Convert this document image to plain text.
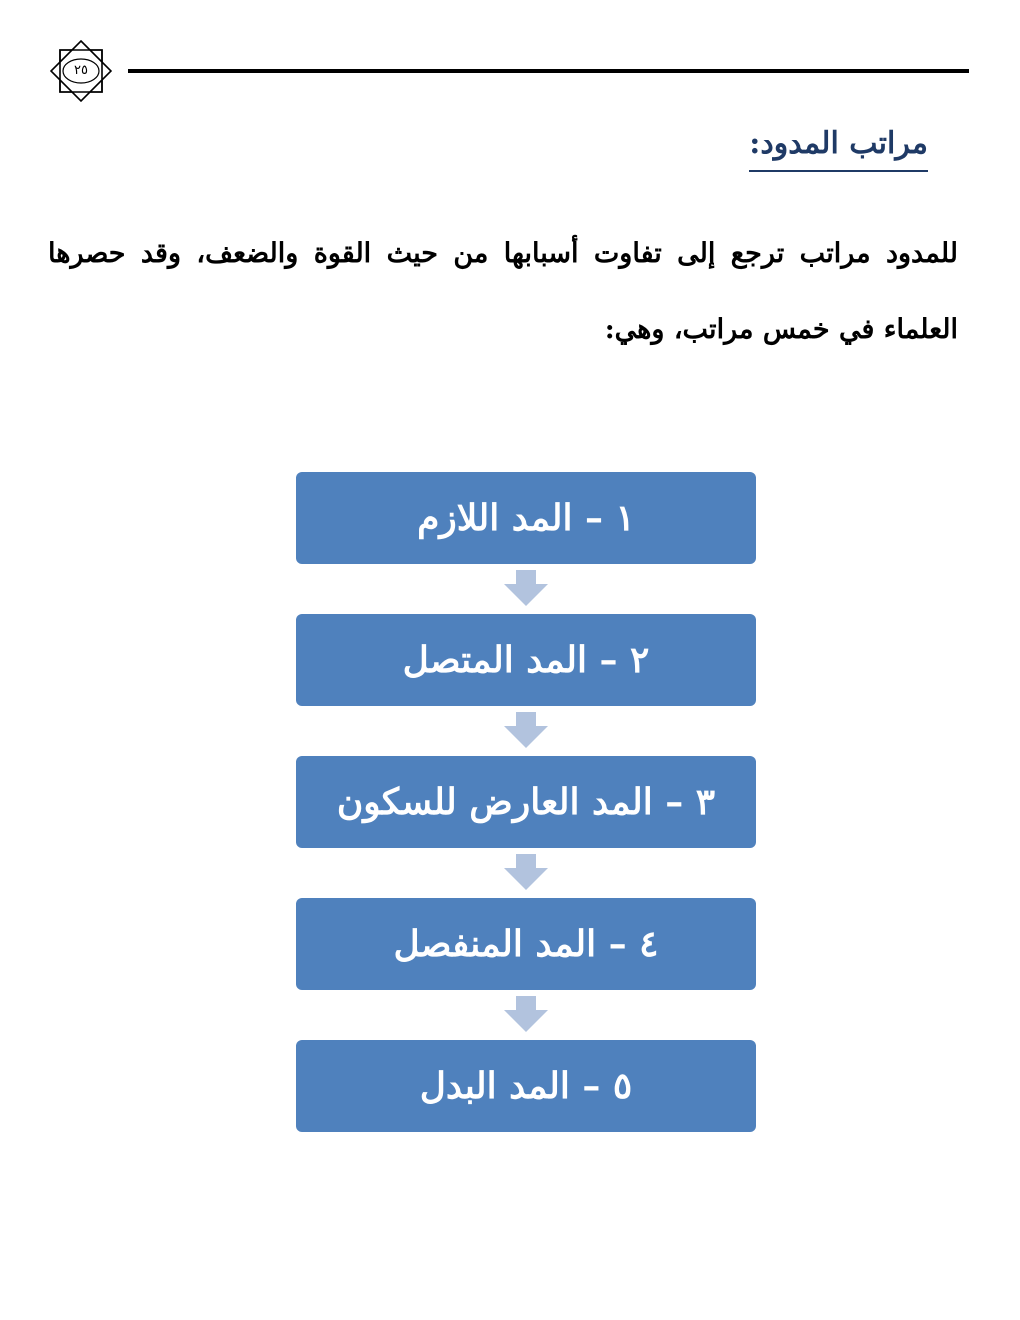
٢٥
مراتب المدود:
للمدود مراتب ترجع إلى تفاوت أسبابها من حيث القوة والضعف، وقد حصرها العلماء في خمس مراتب، وهي:
١ – المد اللازم
٢ – المد المتصل
٣ – المد العارض للسكون
٤ – المد المنفصل
٥ – المد البدل
